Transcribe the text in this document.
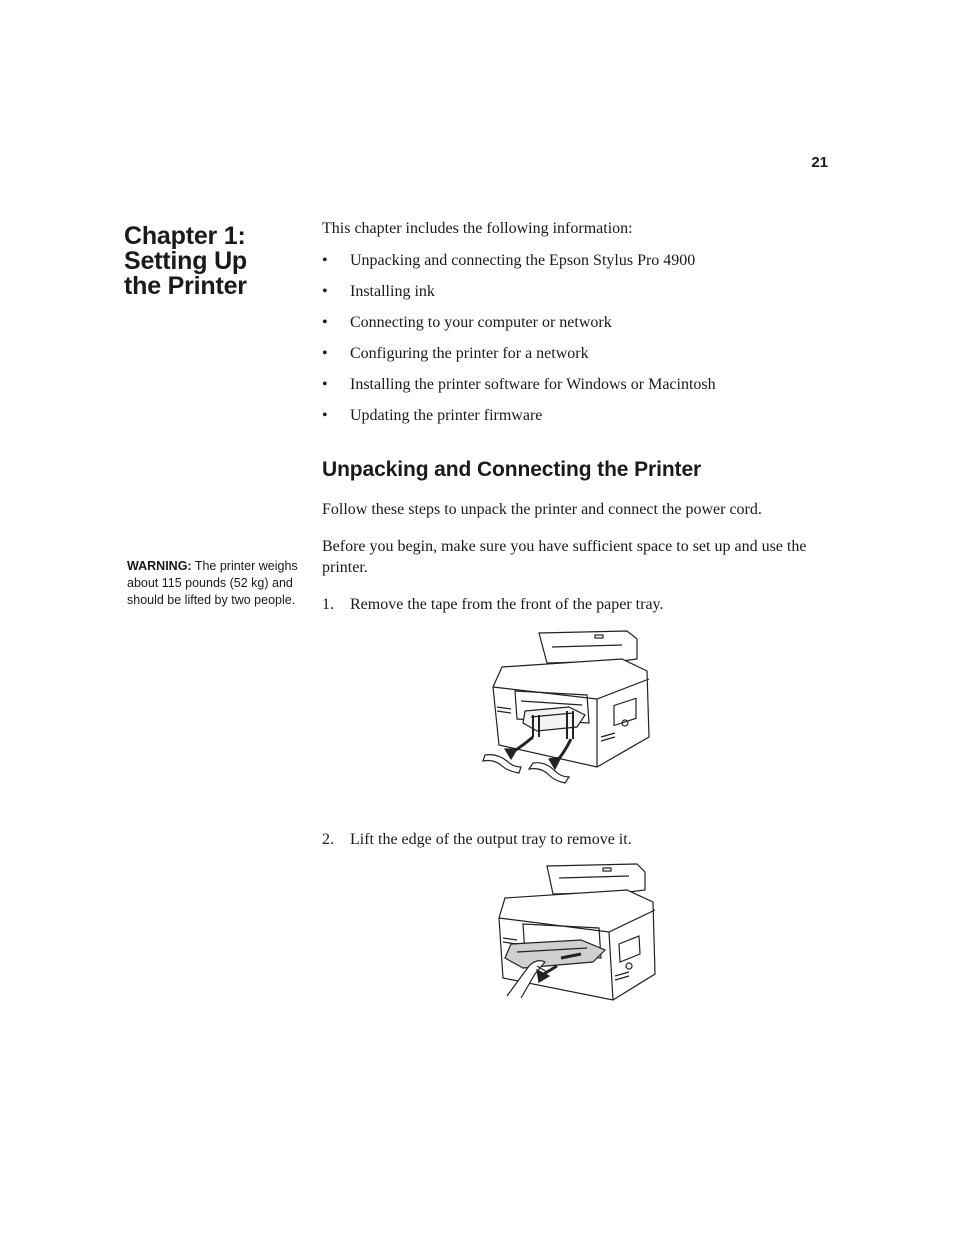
21
Chapter 1:
Setting Up
the Printer

WARNING: The printer weighs about 115 pounds (52 kg) and should be lifted by two people.

This chapter includes the following information:

• Unpacking and connecting the Epson Stylus Pro 4900
• Installing ink
• Connecting to your computer or network
• Configuring the printer for a network
• Installing the printer software for Windows or Macintosh
• Updating the printer firmware
Unpacking and Connecting the Printer

Follow these steps to unpack the printer and connect the power cord.

Before you begin, make sure you have sufficient space to set up and use the printer.

1. Remove the tape from the front of the paper tray.

2. Lift the edge of the output tray to remove it.
